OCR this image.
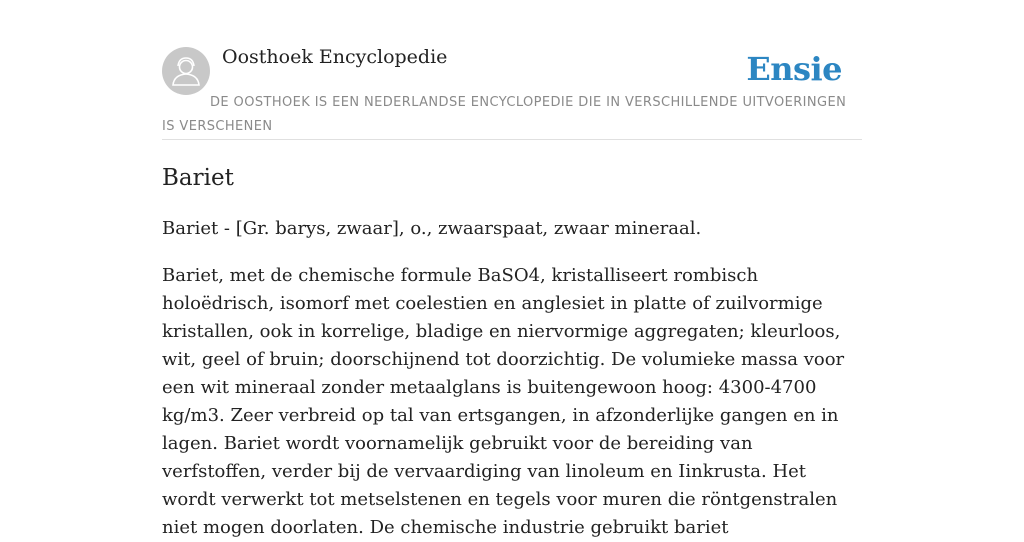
Oosthoek Encyclopedie	Ensie
DE OOSTHOEK IS EEN NEDERLANDSE ENCYCLOPEDIE DIE IN VERSCHILLENDE UITVOERINGEN IS VERSCHENEN
Bariet

Bariet - [Gr. barys, zwaar], o., zwaarspaat, zwaar mineraal.

Bariet, met de chemische formule BaSO4, kristalliseert rombisch holoëdrisch, isomorf met coelestien en anglesiet in platte of zuilvormige kristallen, ook in korrelige, bladige en niervormige aggregaten; kleurloos, wit, geel of bruin; doorschijnend tot doorzichtig. De volumieke massa voor een wit mineraal zonder metaalglans is buitengewoon hoog: 4300-4700 kg/m3. Zeer verbreid op tal van ertsgangen, in afzonderlijke gangen en in lagen. Bariet wordt voornamelijk gebruikt voor de bereiding van verfstoffen, verder bij de vervaardiging van linoleum en Iinkrusta. Het wordt verwerkt tot metselstenen en tegels voor muren die röntgenstralen niet mogen doorlaten. De chemische industrie gebruikt bariet
